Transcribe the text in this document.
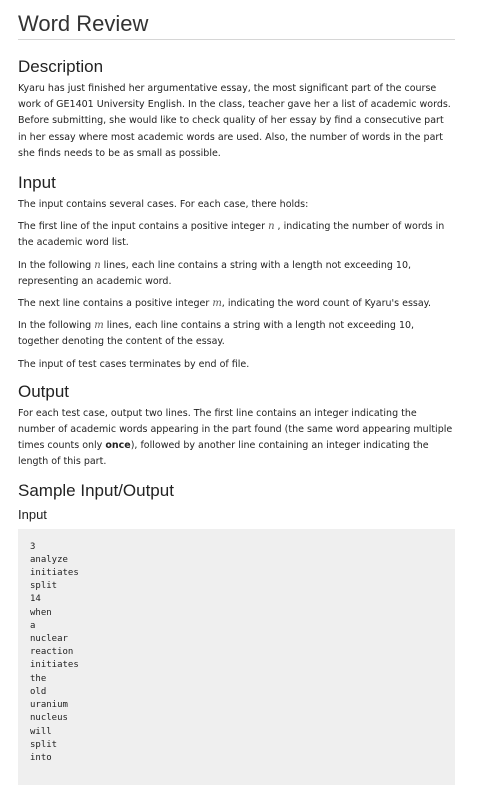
Word Review
Description

Kyaru has just finished her argumentative essay, the most significant part of the course work of GE1401 University English. In the class, teacher gave her a list of academic words. Before submitting, she would like to check quality of her essay by find a consecutive part in her essay where most academic words are used. Also, the number of words in the part she finds needs to be as small as possible.

Input

The input contains several cases. For each case, there holds:

The first line of the input contains a positive integer n , indicating the number of words in the academic word list.

In the following n lines, each line contains a string with a length not exceeding 10, representing an academic word.

The next line contains a positive integer m, indicating the word count of Kyaru's essay.

In the following m lines, each line contains a string with a length not exceeding 10, together denoting the content of the essay.

The input of test cases terminates by end of file.

Output

For each test case, output two lines. The first line contains an integer indicating the number of academic words appearing in the part found (the same word appearing multiple times counts only once), followed by another line containing an integer indicating the length of this part.

Sample Input/Output
Input
3
analyze
initiates
split
14
when
a
nuclear
reaction
initiates
the
old
uranium
nucleus
will
split
into
